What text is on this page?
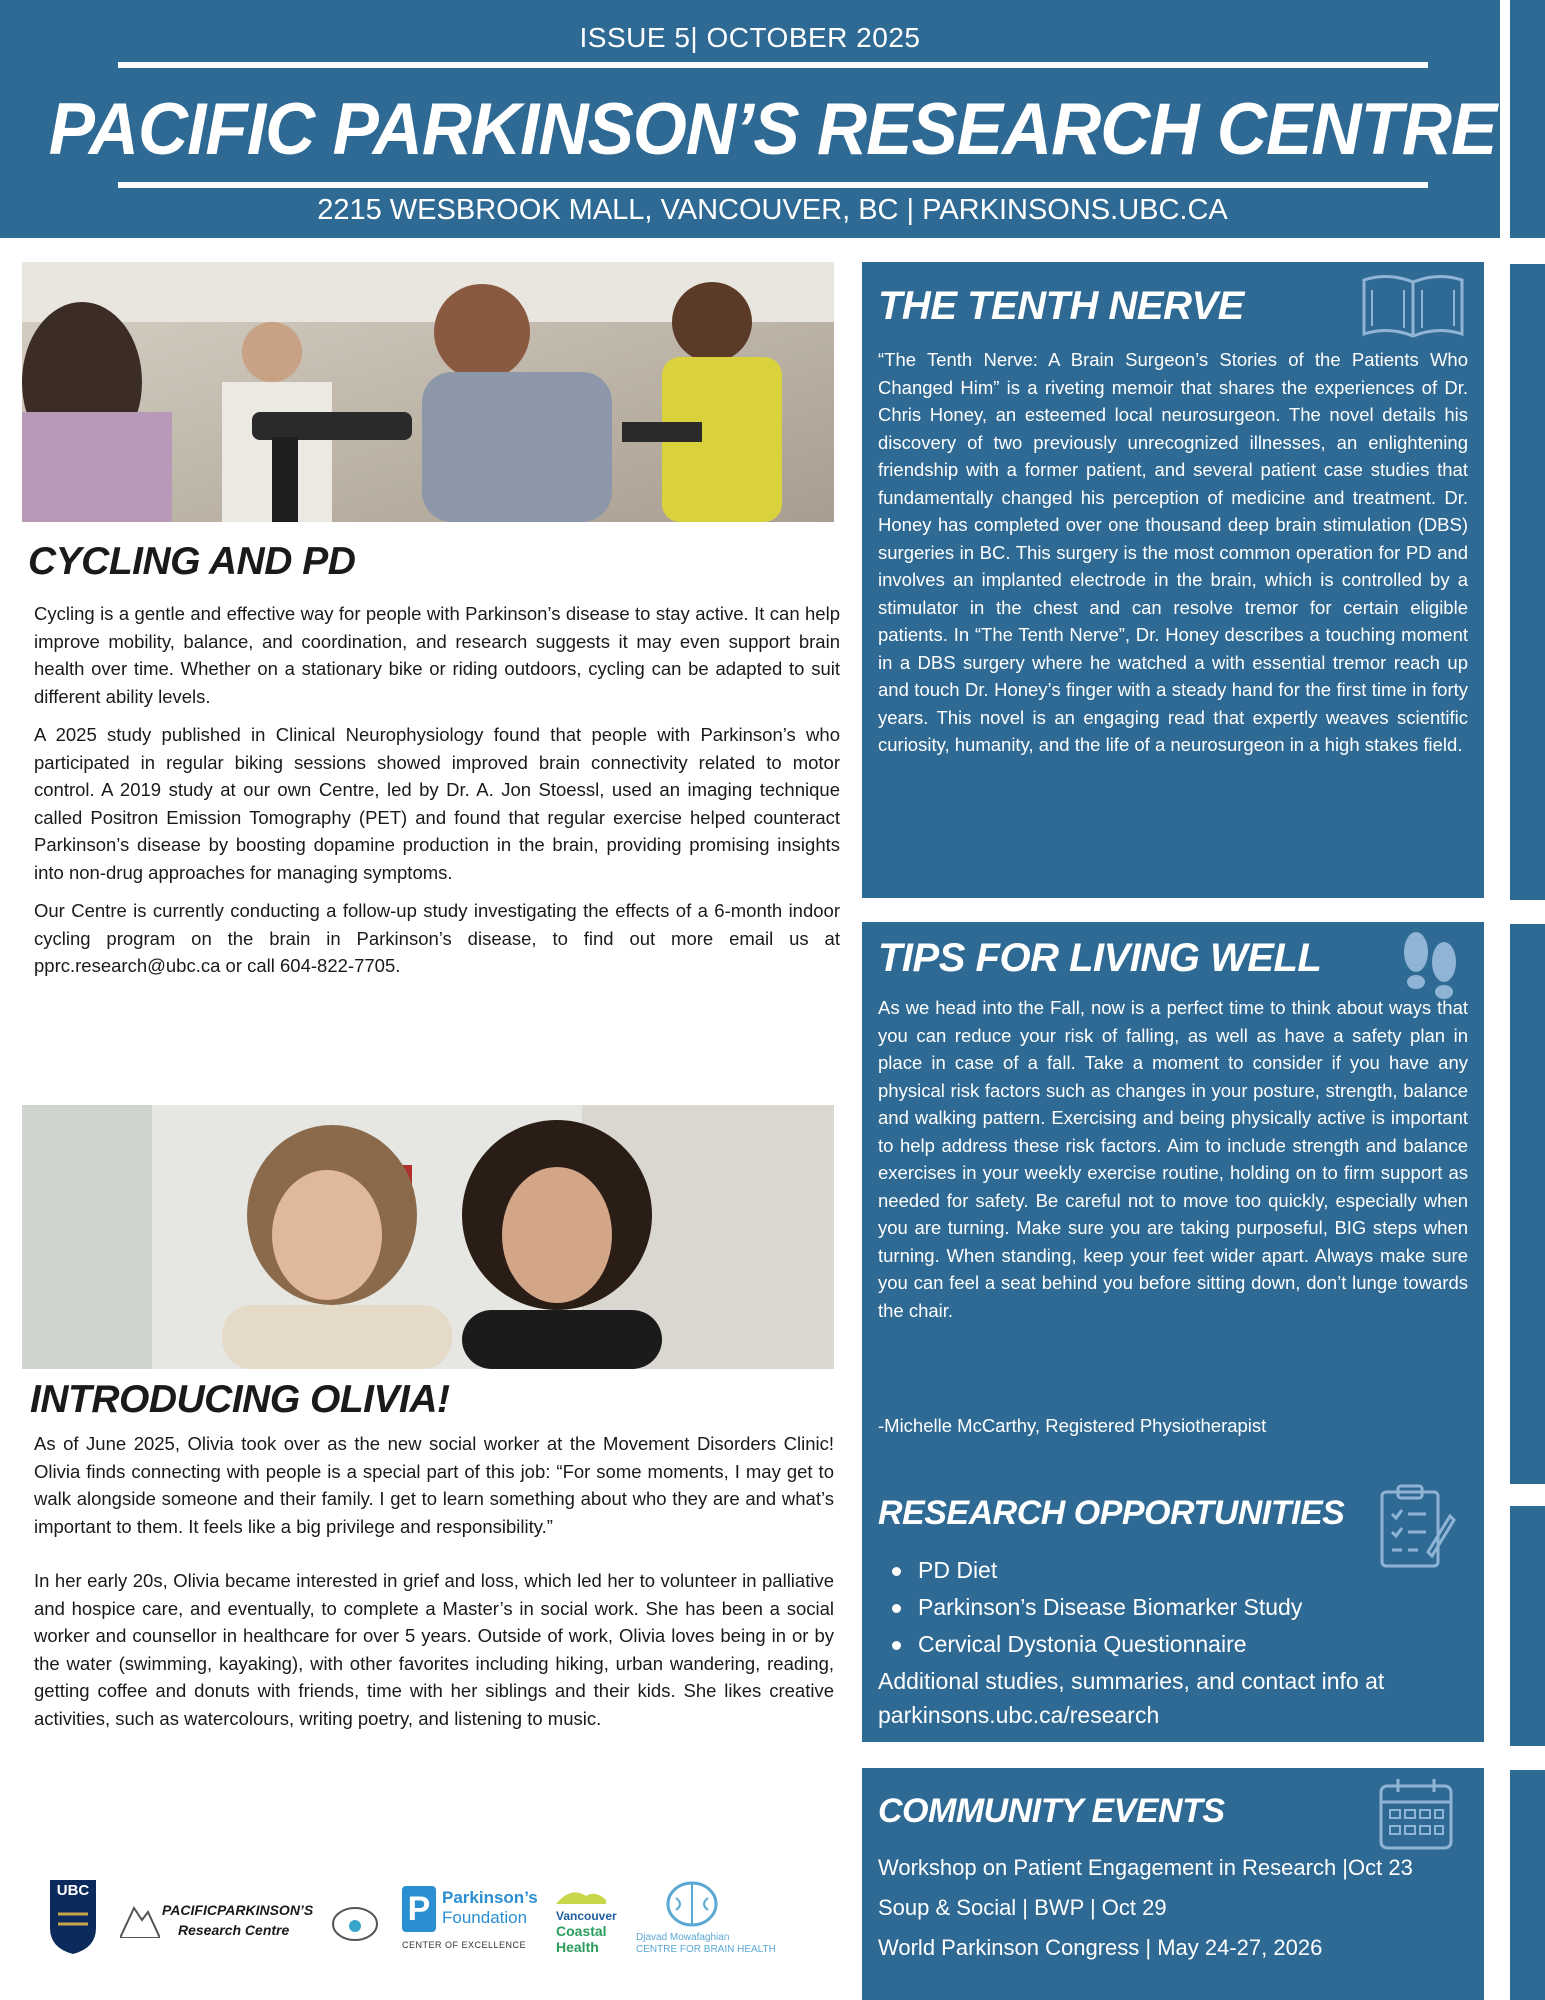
ISSUE 5| OCTOBER 2025
PACIFIC PARKINSON’S RESEARCH CENTRE
2215 WESBROOK MALL, VANCOUVER, BC | PARKINSONS.UBC.CA
CYCLING AND PD

Cycling is a gentle and effective way for people with Parkinson’s disease to stay active. It can help improve mobility, balance, and coordination, and research suggests it may even support brain health over time. Whether on a stationary bike or riding outdoors, cycling can be adapted to suit different ability levels.

A 2025 study published in Clinical Neurophysiology found that people with Parkinson’s who participated in regular biking sessions showed improved brain connectivity related to motor control. A 2019 study at our own Centre, led by Dr. A. Jon Stoessl, used an imaging technique called Positron Emission Tomography (PET) and found that regular exercise helped counteract Parkinson’s disease by boosting dopamine production in the brain, providing promising insights into non-drug approaches for managing symptoms.

Our Centre is currently conducting a follow-up study investigating the effects of a 6-month indoor cycling program on the brain in Parkinson’s disease, to find out more email us at pprc.research@ubc.ca or call 604-822-7705.

INTRODUCING OLIVIA!

As of June 2025, Olivia took over as the new social worker at the Movement Disorders Clinic! Olivia finds connecting with people is a special part of this job: “For some moments, I may get to walk alongside someone and their family. I get to learn something about who they are and what’s important to them. It feels like a big privilege and responsibility.”

In her early 20s, Olivia became interested in grief and loss, which led her to volunteer in palliative and hospice care, and eventually, to complete a Master’s in social work. She has been a social worker and counsellor in healthcare for over 5 years. Outside of work, Olivia loves being in or by the water (swimming, kayaking), with other favorites including hiking, urban wandering, reading, getting coffee and donuts with friends, time with her siblings and their kids. She likes creative activities, such as watercolours, writing poetry, and listening to music.

UBC
PACIFICPARKINSON’S
Research Centre
P Parkinson’s
Foundation
CENTER OF EXCELLENCE
Vancouver
Coastal
Health
Djavad Mowafaghian
CENTRE FOR BRAIN HEALTH
THE TENTH NERVE
“The Tenth Nerve: A Brain Surgeon’s Stories of the Patients Who Changed Him” is a riveting memoir that shares the experiences of Dr. Chris Honey, an esteemed local neurosurgeon. The novel details his discovery of two previously unrecognized illnesses, an enlightening friendship with a former patient, and several patient case studies that fundamentally changed his perception of medicine and treatment. Dr. Honey has completed over one thousand deep brain stimulation (DBS) surgeries in BC. This surgery is the most common operation for PD and involves an implanted electrode in the brain, which is controlled by a stimulator in the chest and can resolve tremor for certain eligible patients. In “The Tenth Nerve”, Dr. Honey describes a touching moment in a DBS surgery where he watched a with essential tremor reach up and touch Dr. Honey’s finger with a steady hand for the first time in forty years. This novel is an engaging read that expertly weaves scientific curiosity, humanity, and the life of a neurosurgeon in a high stakes field.
TIPS FOR LIVING WELL
As we head into the Fall, now is a perfect time to think about ways that you can reduce your risk of falling, as well as have a safety plan in place in case of a fall. Take a moment to consider if you have any physical risk factors such as changes in your posture, strength, balance and walking pattern. Exercising and being physically active is important to help address these risk factors. Aim to include strength and balance exercises in your weekly exercise routine, holding on to firm support as needed for safety. Be careful not to move too quickly, especially when you are turning. Make sure you are taking purposeful, BIG steps when turning. When standing, keep your feet wider apart. Always make sure you can feel a seat behind you before sitting down, don’t lunge towards the chair.
-Michelle McCarthy, Registered Physiotherapist
RESEARCH OPPORTUNITIES
PD Diet
Parkinson’s Disease Biomarker Study
Cervical Dystonia Questionnaire
Additional studies, summaries, and contact info at parkinsons.ubc.ca/research
COMMUNITY EVENTS
Workshop on Patient Engagement in Research |Oct 23
Soup & Social | BWP | Oct 29
World Parkinson Congress | May 24-27, 2026
